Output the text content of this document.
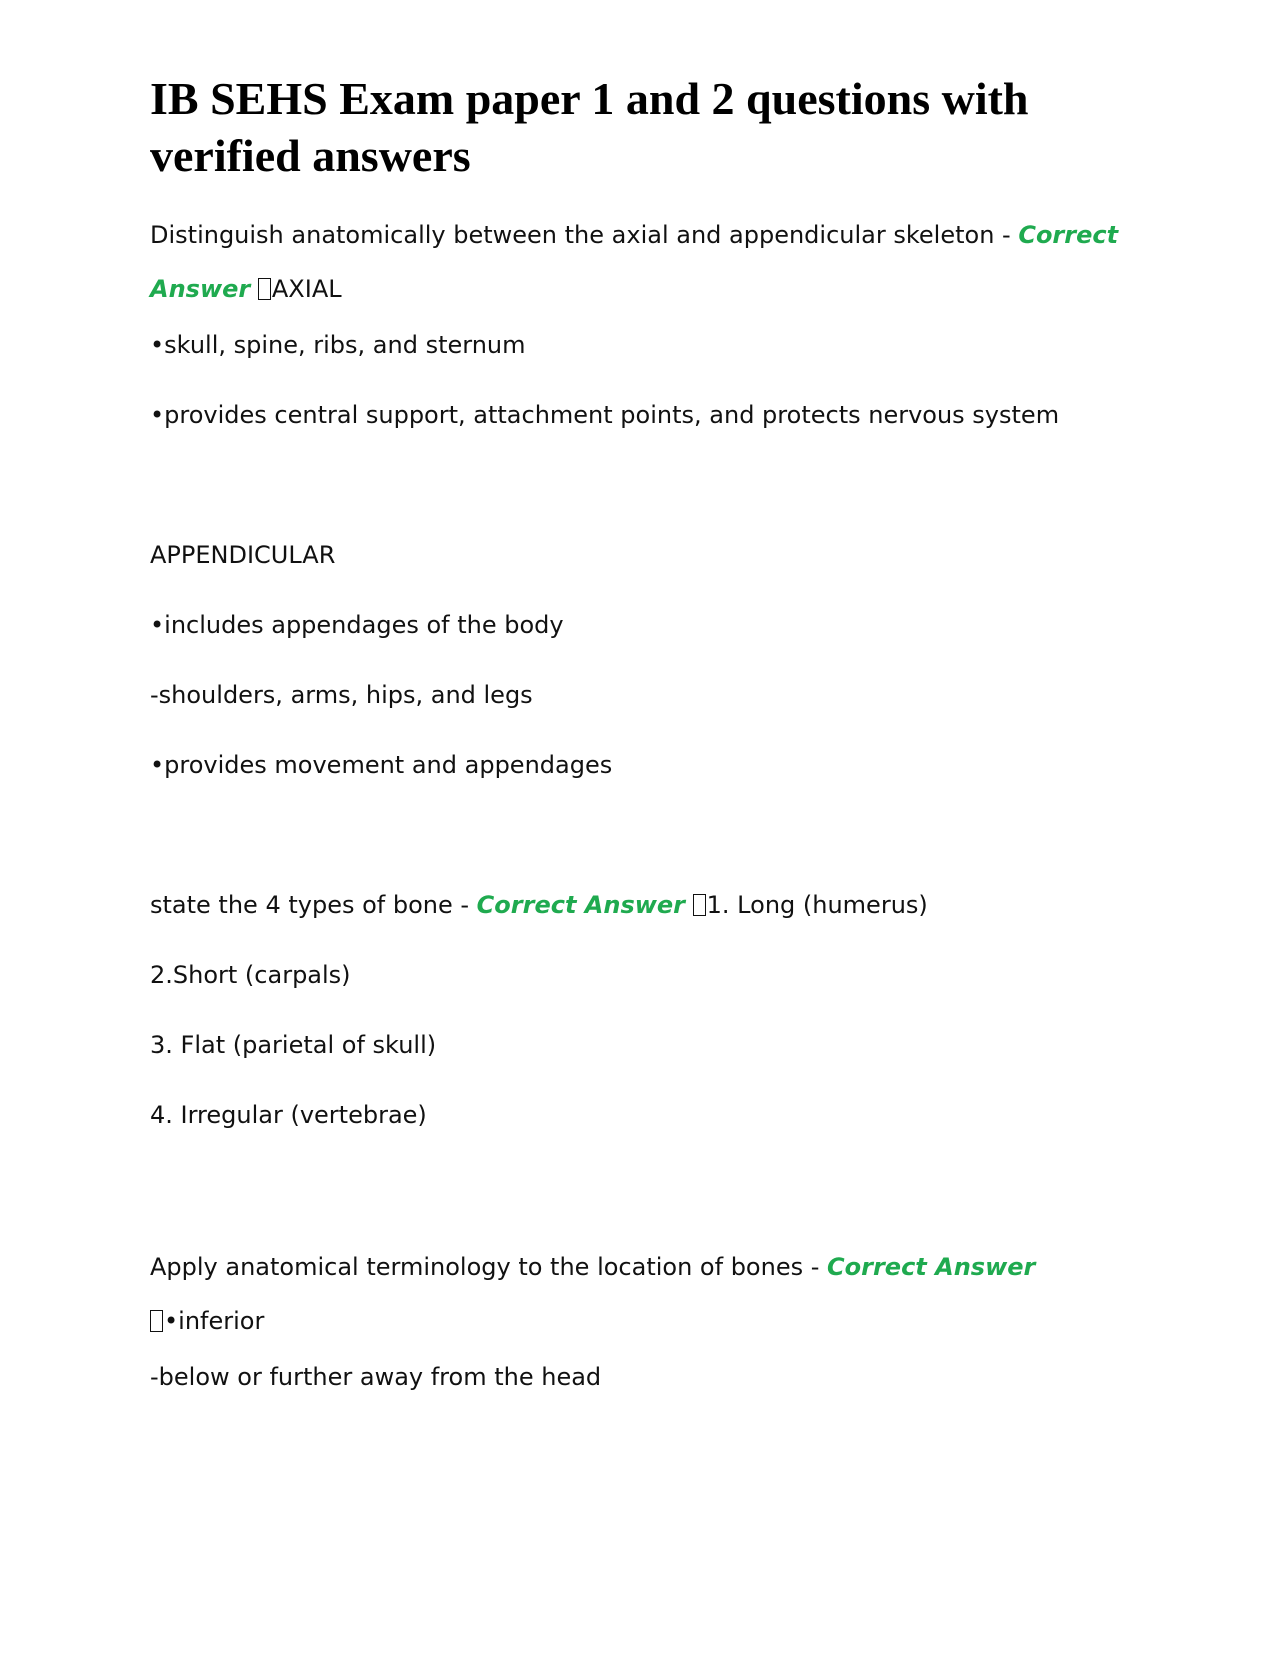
IB SEHS Exam paper 1 and 2 questions with verified answers

Distinguish anatomically between the axial and appendicular skeleton - Correct Answer AXIAL

•skull, spine, ribs, and sternum

•provides central support, attachment points, and protects nervous system

APPENDICULAR

•includes appendages of the body

-shoulders, arms, hips, and legs

•provides movement and appendages

state the 4 types of bone - Correct Answer 1. Long (humerus)

2.Short (carpals)

3. Flat (parietal of skull)

4. Irregular (vertebrae)

Apply anatomical terminology to the location of bones - Correct Answer
•inferior

-below or further away from the head
